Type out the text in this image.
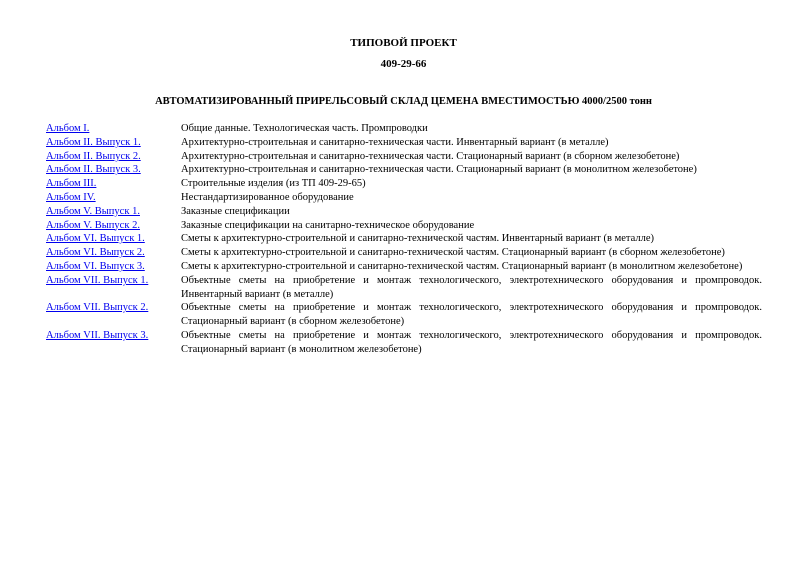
ТИПОВОЙ ПРОЕКТ
409-29-66
АВТОМАТИЗИРОВАННЫЙ ПРИРЕЛЬСОВЫЙ СКЛАД ЦЕМЕНА ВМЕСТИМОСТЬЮ 4000/2500 тонн
Альбом I.	Общие данные. Технологическая часть. Промпроводки
Альбом II. Выпуск 1.	Архитектурно-строительная и санитарно-техническая части. Инвентарный вариант (в металле)
Альбом II. Выпуск 2.	Архитектурно-строительная и санитарно-техническая части. Стационарный вариант (в сборном железобетоне)
Альбом II. Выпуск 3.	Архитектурно-строительная и санитарно-техническая части. Стационарный вариант (в монолитном железобетоне)
Альбом III.	Строительные изделия (из ТП 409-29-65)
Альбом IV.	Нестандартизированное оборудование
Альбом V. Выпуск 1.	Заказные спецификации
Альбом V. Выпуск 2.	Заказные спецификации на санитарно-техническое оборудование
Альбом VI. Выпуск 1.	Сметы к архитектурно-строительной и санитарно-технической частям. Инвентарный вариант (в металле)
Альбом VI. Выпуск 2.	Сметы к архитектурно-строительной и санитарно-технической частям. Стационарный вариант (в сборном железобетоне)
Альбом VI. Выпуск 3.	Сметы к архитектурно-строительной и санитарно-технической частям. Стационарный вариант (в монолитном железобетоне)
Альбом VII. Выпуск 1.	Объектные сметы на приобретение и монтаж технологического, электротехнического оборудования и промпроводок. Инвентарный вариант (в металле)
Альбом VII. Выпуск 2.	Объектные сметы на приобретение и монтаж технологического, электротехнического оборудования и промпроводок. Стационарный вариант (в сборном железобетоне)
Альбом VII. Выпуск 3.	Объектные сметы на приобретение и монтаж технологического, электротехнического оборудования и промпроводок. Стационарный вариант (в монолитном железобетоне)
